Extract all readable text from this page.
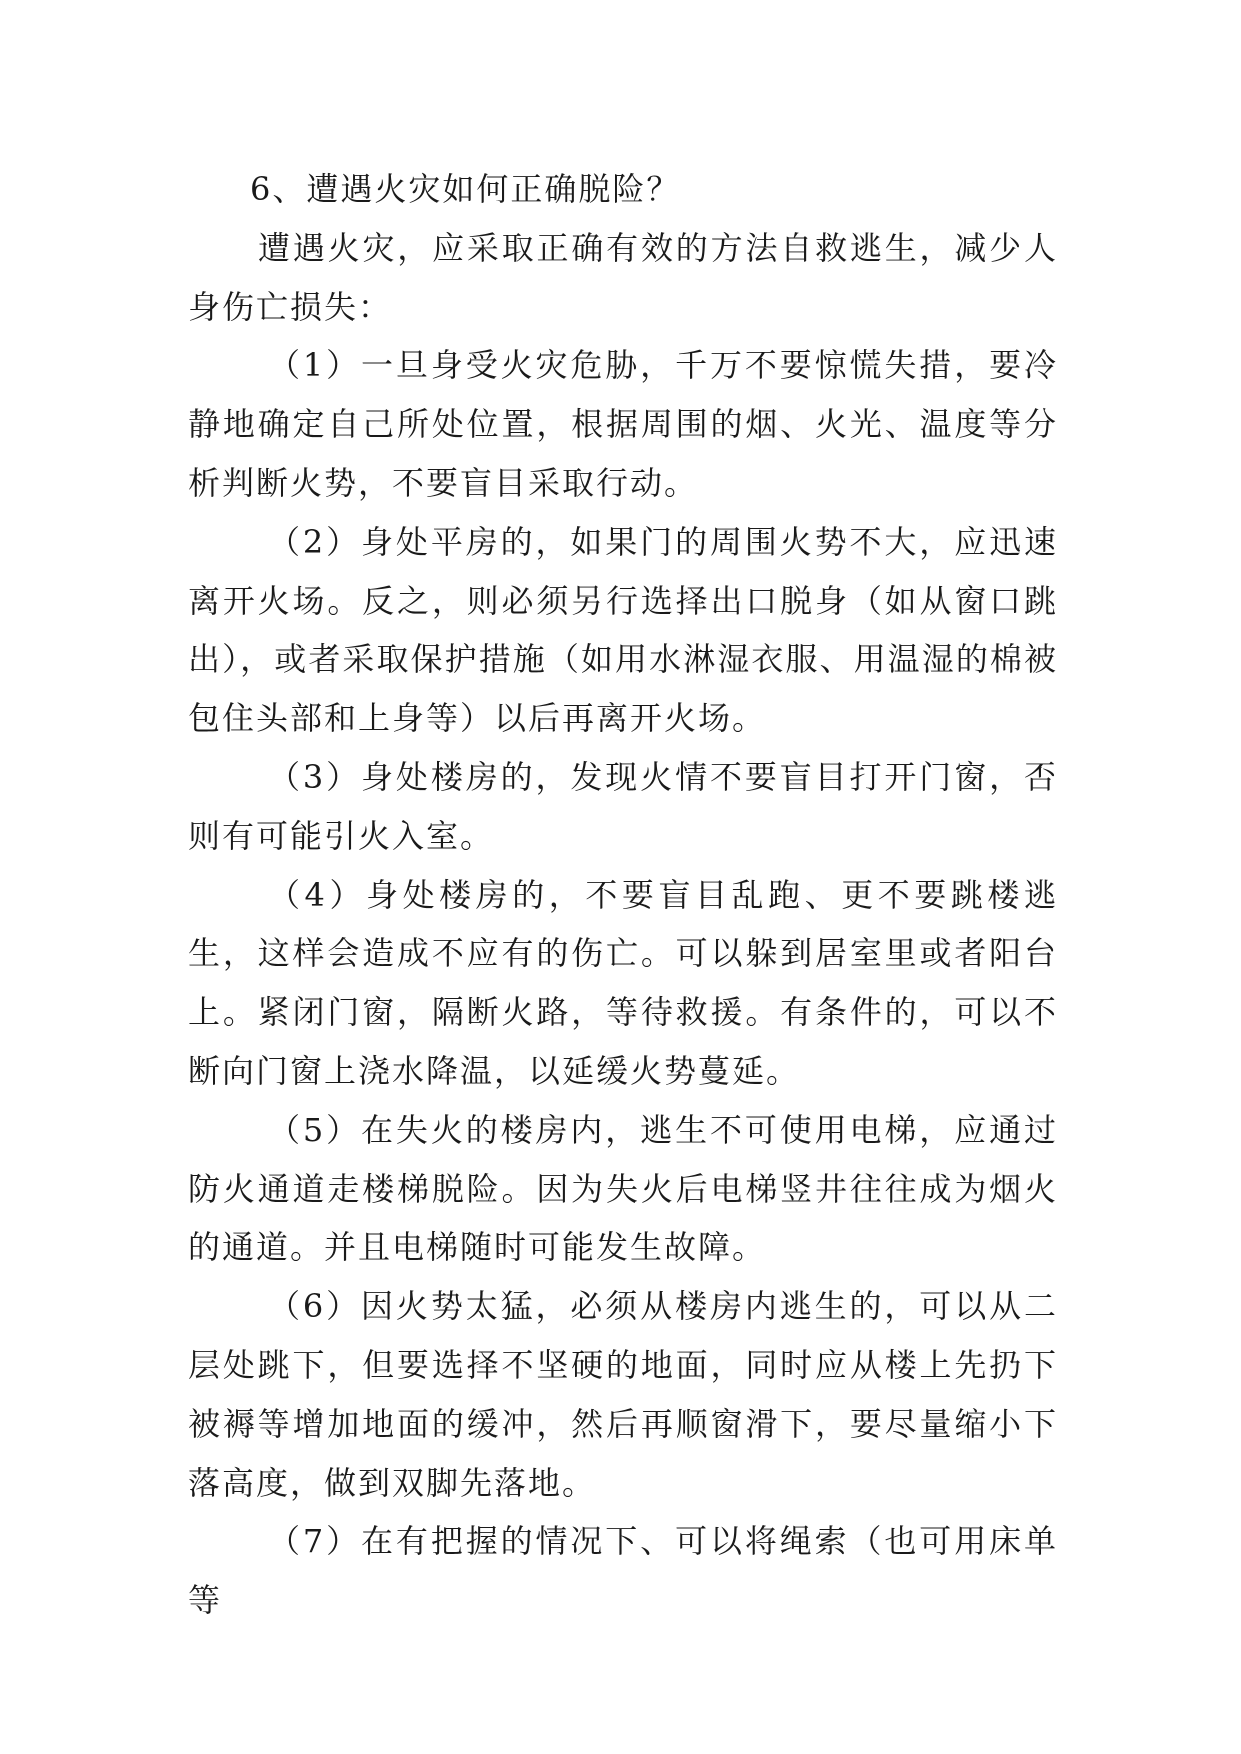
6、遭遇火灾如何正确脱险？

遭遇火灾，应采取正确有效的方法自救逃生，减少人身伤亡损失：

（1）一旦身受火灾危胁，千万不要惊慌失措，要冷静地确定自己所处位置，根据周围的烟、火光、温度等分析判断火势，不要盲目采取行动。

（2）身处平房的，如果门的周围火势不大，应迅速离开火场。反之，则必须另行选择出口脱身（如从窗口跳出），或者采取保护措施（如用水淋湿衣服、用温湿的棉被包住头部和上身等）以后再离开火场。

（3）身处楼房的，发现火情不要盲目打开门窗，否则有可能引火入室。

（4）身处楼房的，不要盲目乱跑、更不要跳楼逃生，这样会造成不应有的伤亡。可以躲到居室里或者阳台上。紧闭门窗，隔断火路，等待救援。有条件的，可以不断向门窗上浇水降温，以延缓火势蔓延。

（5）在失火的楼房内，逃生不可使用电梯，应通过防火通道走楼梯脱险。因为失火后电梯竖井往往成为烟火的通道。并且电梯随时可能发生故障。

（6）因火势太猛，必须从楼房内逃生的，可以从二层处跳下，但要选择不坚硬的地面，同时应从楼上先扔下被褥等增加地面的缓冲，然后再顺窗滑下，要尽量缩小下落高度，做到双脚先落地。

（7）在有把握的情况下、可以将绳索（也可用床单等
